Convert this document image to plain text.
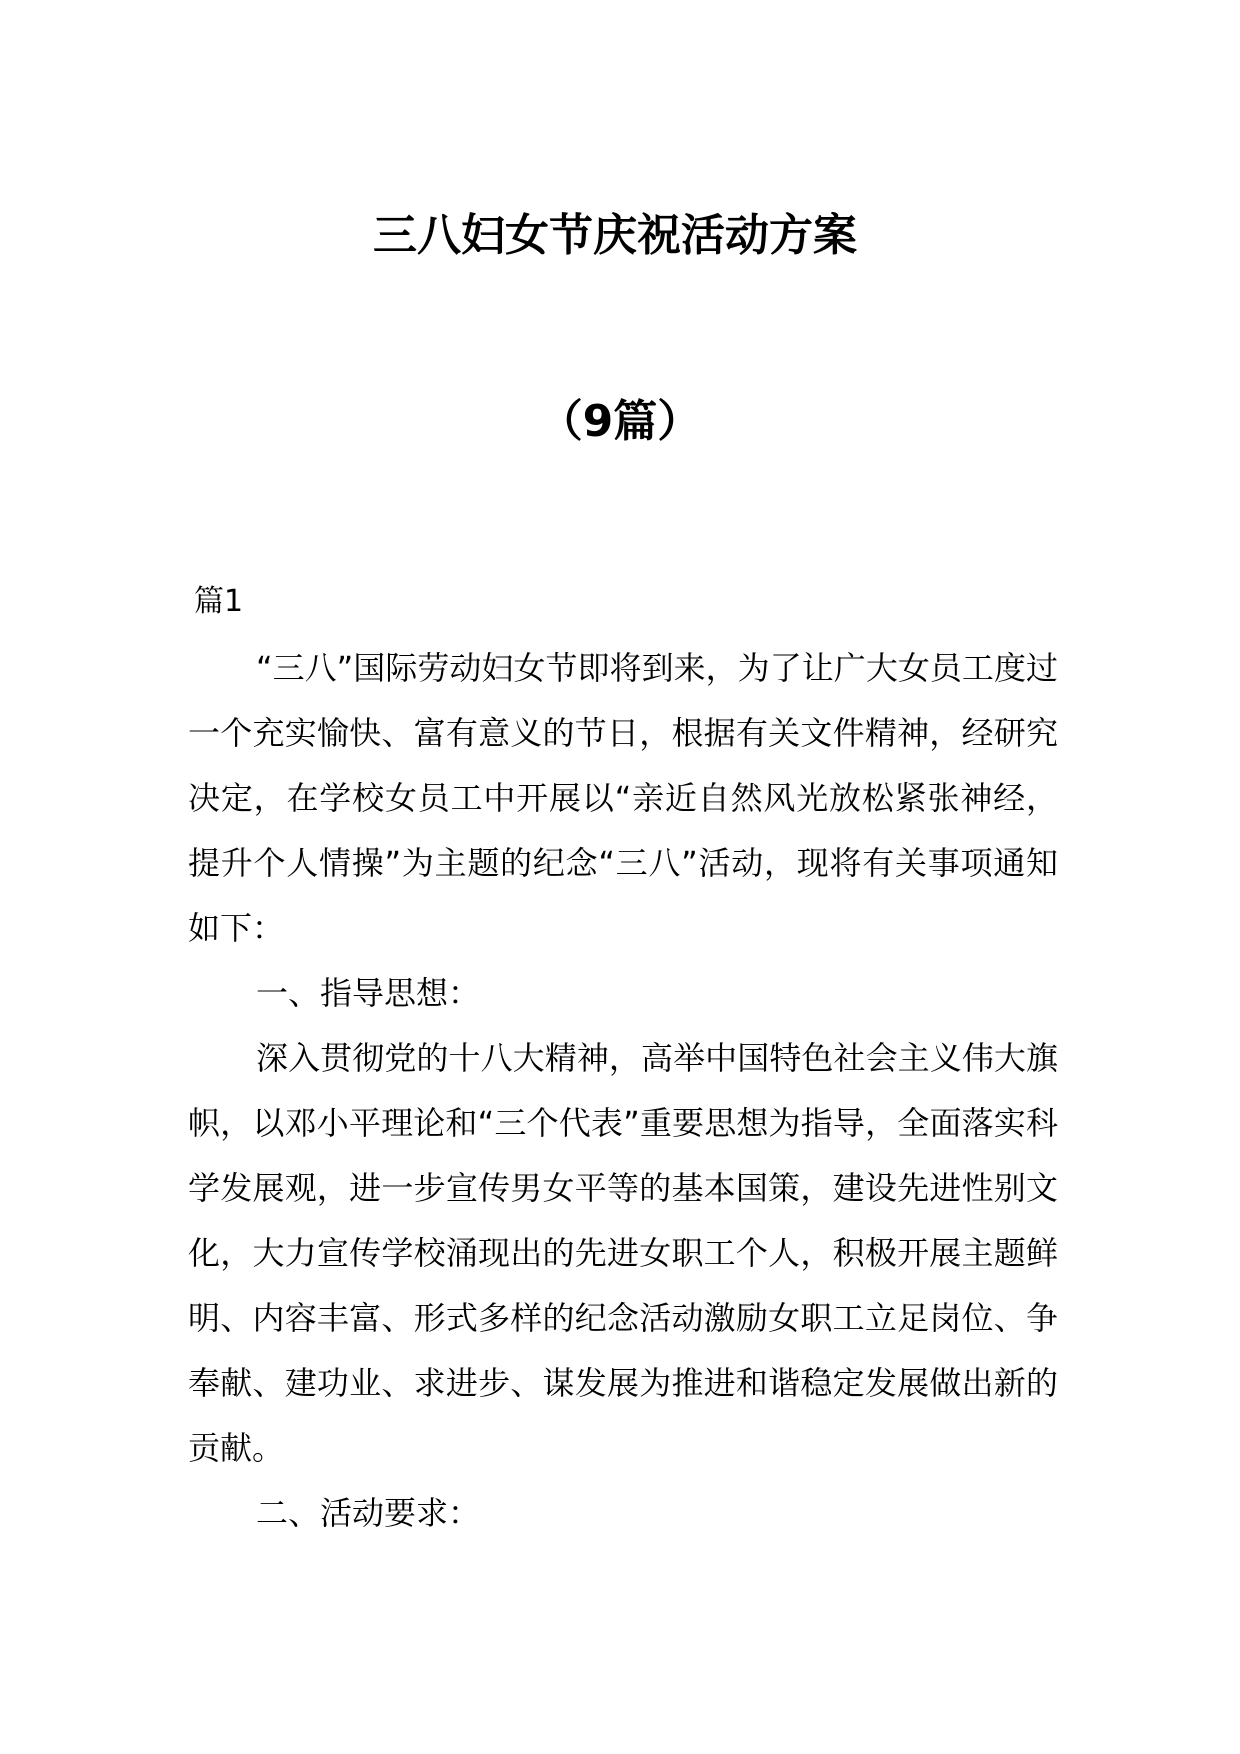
三八妇女节庆祝活动方案
（9篇）

篇1

“三八”国际劳动妇女节即将到来，为了让广大女员工度过一个充实愉快、富有意义的节日，根据有关文件精神，经研究决定，在学校女员工中开展以“亲近自然风光放松紧张神经，提升个人情操”为主题的纪念“三八”活动，现将有关事项通知如下：

一、指导思想：

深入贯彻党的十八大精神，高举中国特色社会主义伟大旗帜，以邓小平理论和“三个代表”重要思想为指导，全面落实科学发展观，进一步宣传男女平等的基本国策，建设先进性别文化，大力宣传学校涌现出的先进女职工个人，积极开展主题鲜明、内容丰富、形式多样的纪念活动激励女职工立足岗位、争奉献、建功业、求进步、谋发展为推进和谐稳定发展做出新的贡献。

二、活动要求：
